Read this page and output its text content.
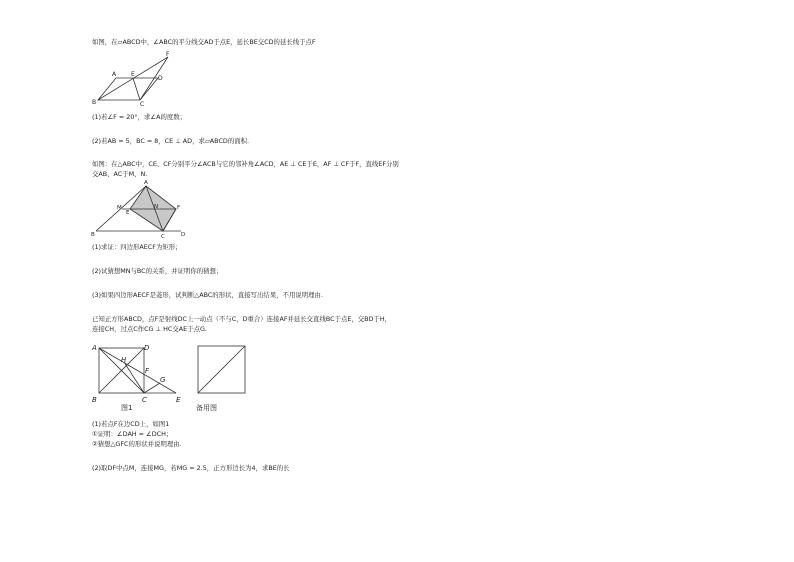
如图，在▱ABCD中，∠ABC的平分线交AD于点E，延长BE交CD的延长线于点F
F
A E
D
B	C
(1)若∠F = 20°，求∠A的度数；
(2)若AB = 5，BC = 8，CE ⊥ AD，求▱ABCD的面积.
如图：在△ABC中，CE、CF分别平分∠ACB与它的邻补角∠ACD，AE ⊥ CE于E，AF ⊥ CF于F，直线EF分别
交AB、AC于M、N.
A
F
M	N
E
B	C	D
(1)求证：四边形AECF为矩形；
(2)试猜想MN与BC的关系，并证明你的猜想；
(3)如果四边形AECF是菱形，试判断△ABC的形状，直接写出结果，不用说明理由.
已知正方形ABCD，点F是射线DC上一动点（不与C，D重合）连接AF并延长交直线BC于点E，交BD于H，
连接CH，过点C作CG ⊥ HC交AE于点G.
A	D
H
F
G
B	C	E
图1	备用图
(1)若点F在边CD上，如图1
①证明：∠DAH = ∠DCH；
②猜想△GFC的形状并说明理由.
(2)取DF中点M，连接MG，若MG = 2.5，正方形边长为4，求BE的长
